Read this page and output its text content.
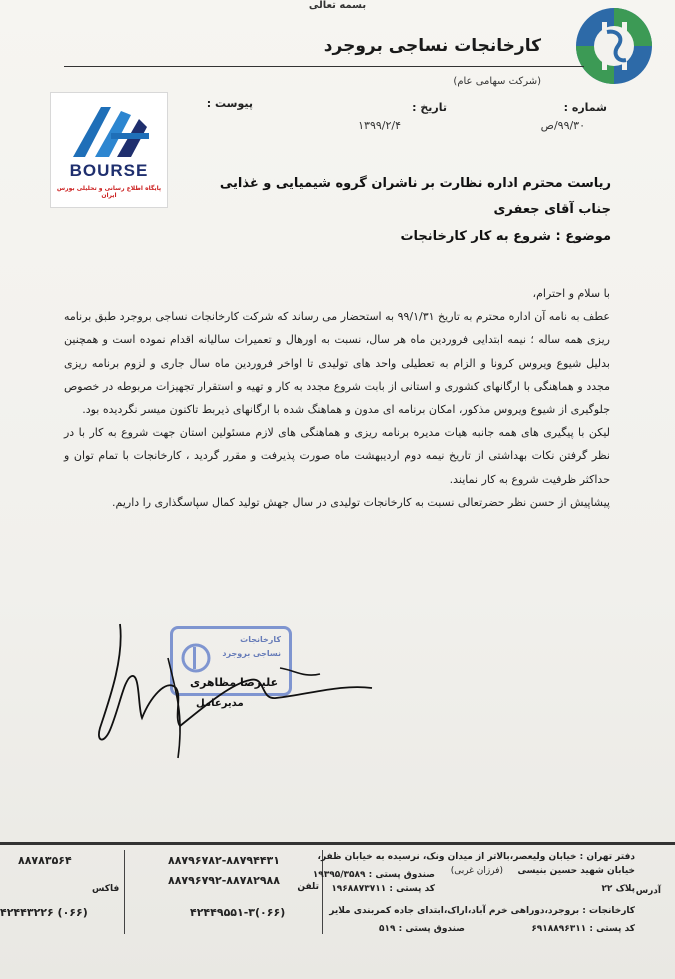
بسمه تعالی
کارخانجات نساجی بروجرد
(شرکت سهامی عام)
BOURSE
پایگاه اطلاع رسانی و تحلیلی بورس ایران
شماره :
۹۹/۳۰/ص
تاریخ :
۱۳۹۹/۲/۴
پیوست :
ریاست محترم اداره نظارت بر ناشران گروه شیمیایی و غذایی
جناب آقای جعفری
موضوع : شروع به کار کارخانجات

با سلام و احترام،

عطف به نامه آن اداره محترم به تاریخ ۹۹/۱/۳۱ به استحضار می رساند که شرکت کارخانجات نساجی بروجرد طبق برنامه ریزی همه ساله ؛ نیمه ابتدایی فروردین ماه هر سال، نسبت به اورهال و تعمیرات سالیانه اقدام نموده است و همچنین بدلیل شیوع ویروس کرونا و الزام به تعطیلی واحد های تولیدی تا اواخر فروردین ماه سال جاری و لزوم برنامه ریزی مجدد و هماهنگی با ارگانهای کشوری و استانی از بابت شروع مجدد به کار و تهیه و استقرار تجهیزات مربوطه در خصوص جلوگیری از شیوع ویروس مذکور، امکان برنامه ای مدون و هماهنگ شده با ارگانهای ذیربط تاکنون میسر نگردیده بود.

لیکن با پیگیری های همه جانبه هیات مدیره برنامه ریزی و هماهنگی های لازم مسئولین استان جهت شروع به کار با در نظر گرفتن نکات بهداشتی از تاریخ نیمه دوم اردیبهشت ماه صورت پذیرفت و مقرر گردید ، کارخانجات با تمام توان و حداکثر ظرفیت شروع به کار نمایند.

پیشاپیش از حسن نظر حضرتعالی نسبت به کارخانجات تولیدی در سال جهش تولید کمال سپاسگذاری را داریم.

کارخانجات
نساجی بروجرد
علیرضا مظاهری
مدیرعامل
آدرس
دفتر تهران : خیابان ولیعصر،بالاتر از میدان ونک، نرسیده به خیابان ظفر،
خیابان شهید حسین بنیسی
(فرزان غربی)
پلاک ۲۲
صندوق پستی : ۱۹۳۹۵/۳۵۸۹
کد پستی : ۱۹۶۸۸۷۳۷۱۱
تلفن
کارخانجات : بروجرد،دوراهی خرم آباد،اراک،ابتدای جاده کمربندی ملایر
کد پستی : ۶۹۱۸۸۹۶۳۱۱
صندوق پستی : ۵۱۹
۸۸۷۹۶۷۸۲-۸۸۷۹۴۴۳۱
۸۸۷۹۶۷۹۲-۸۸۷۸۲۹۸۸
(۰۶۶)۴۲۴۴۹۵۵۱-۳
فاکس
۸۸۷۸۳۵۶۴
(۰۶۶) ۴۲۴۴۳۲۲۶
